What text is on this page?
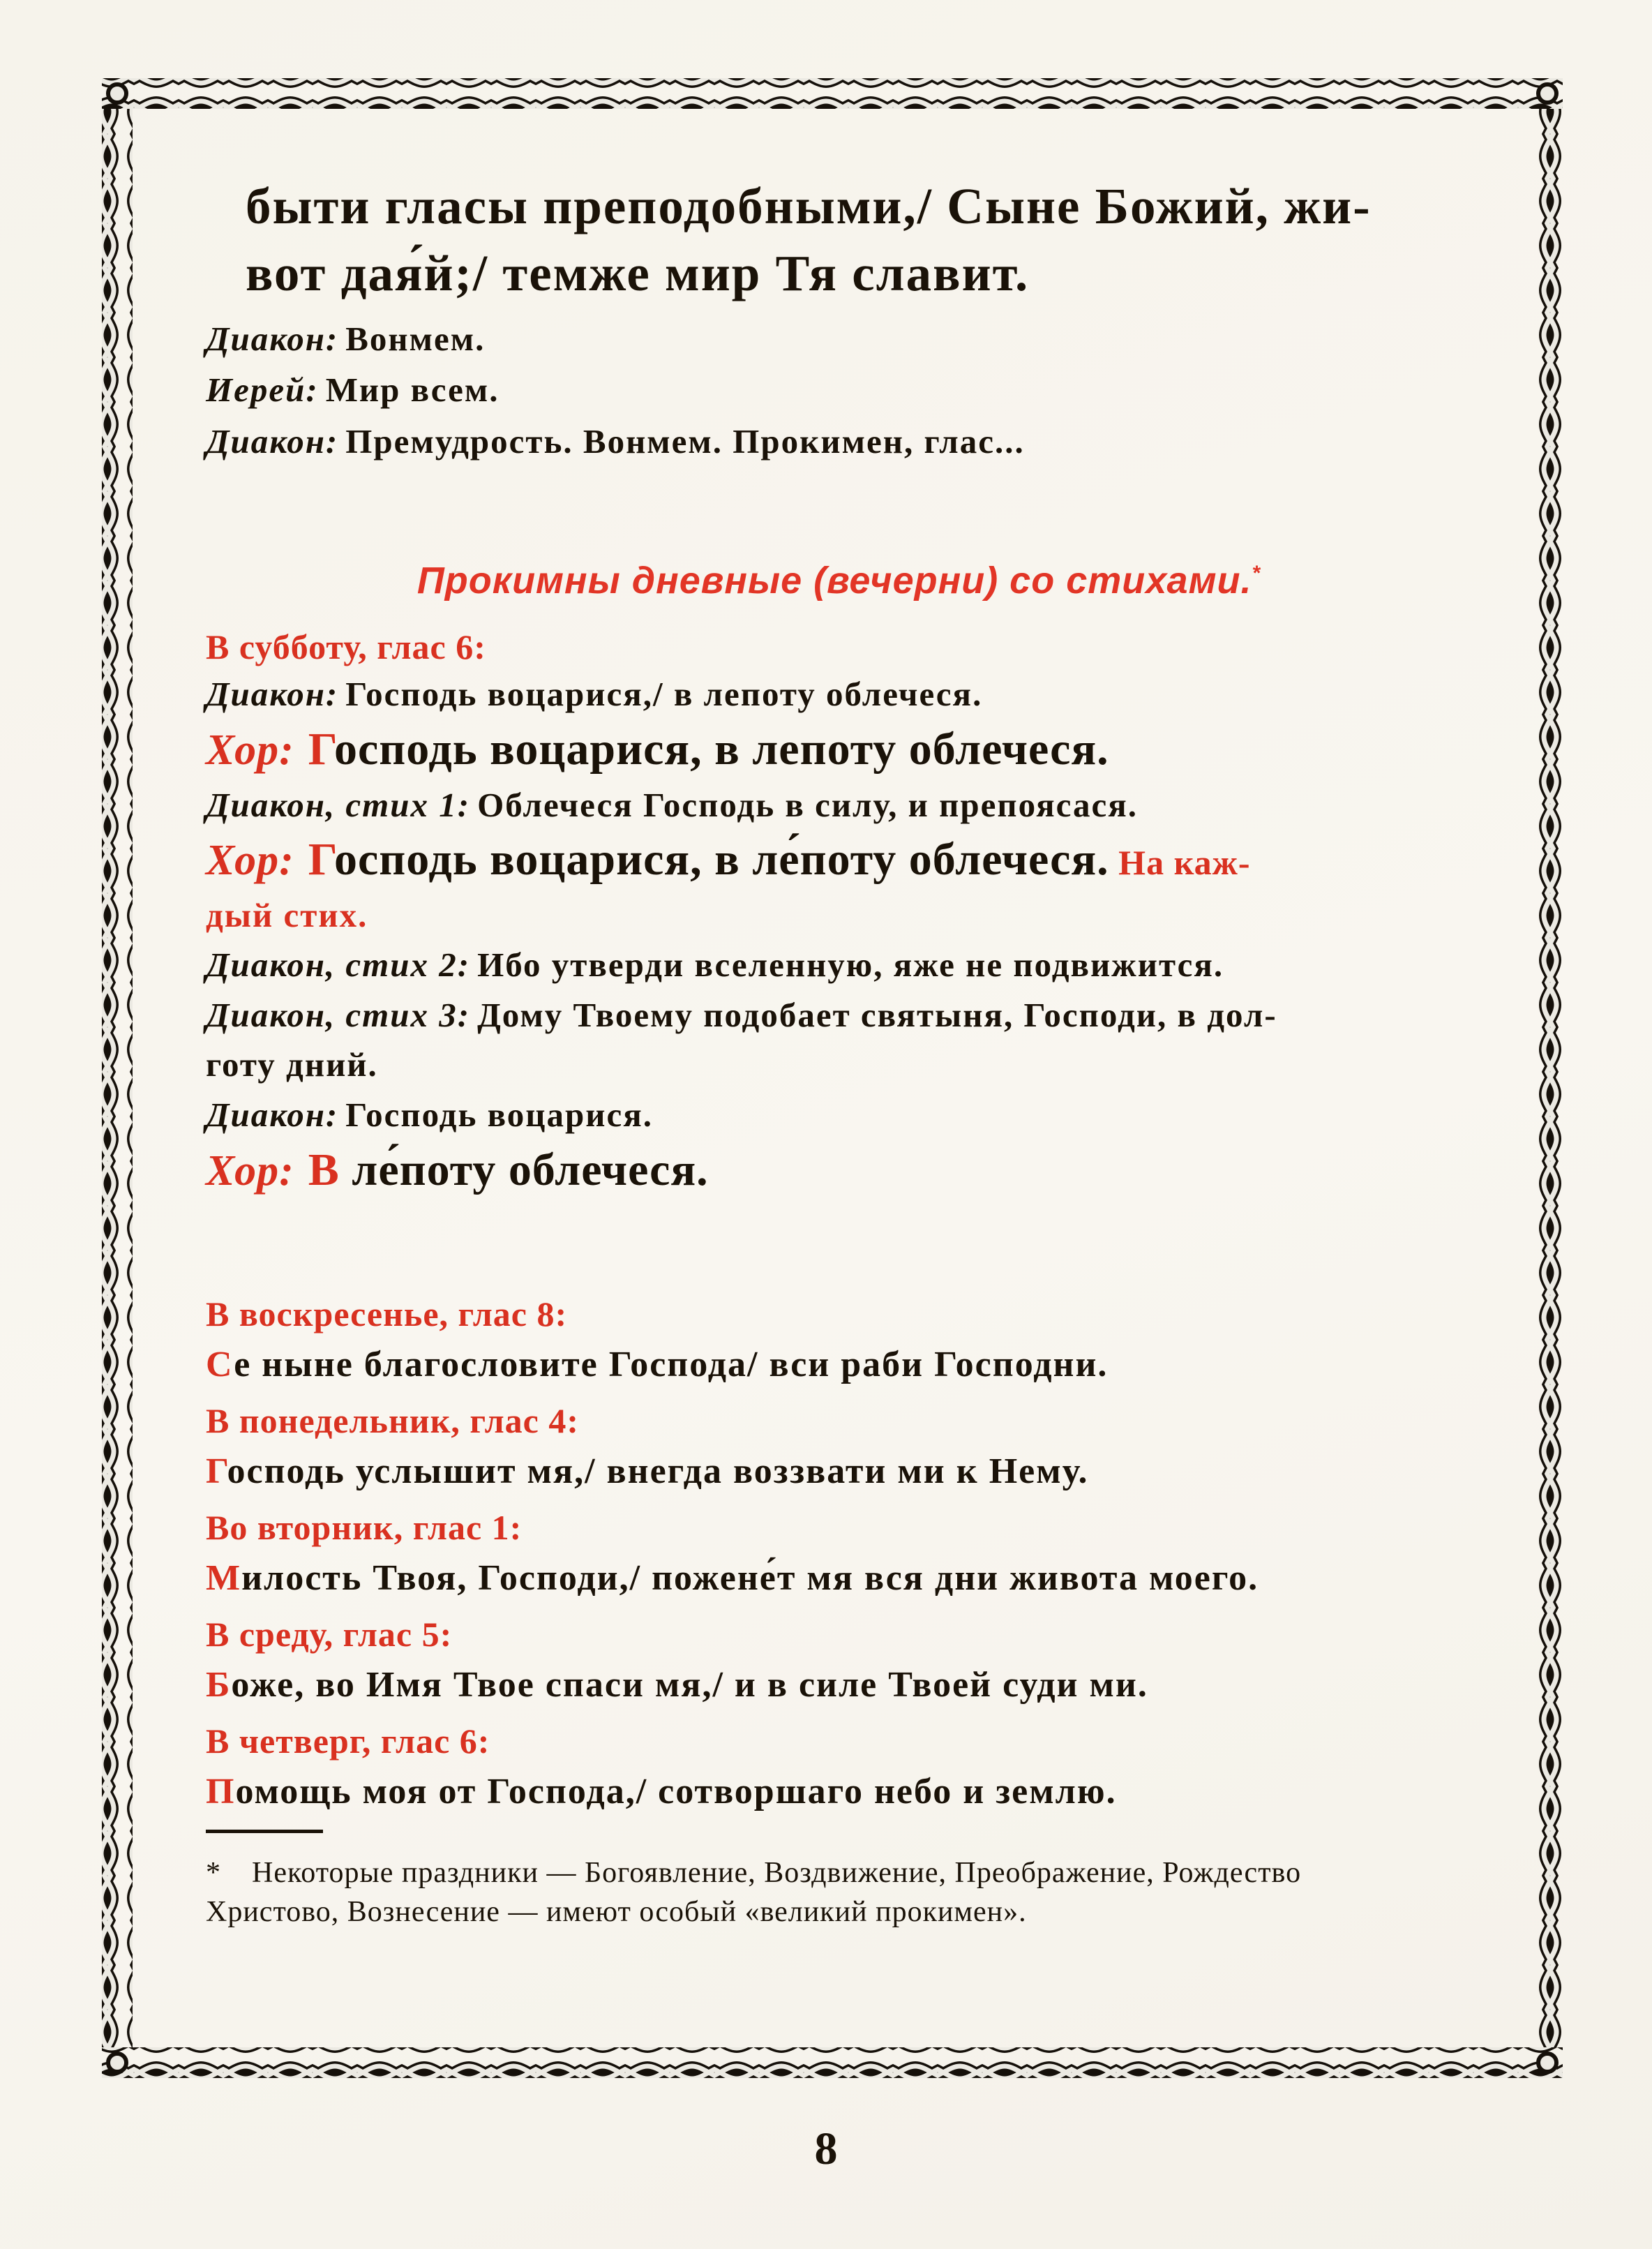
быти гласы преподобными,/ Сыне Божий, жи-

вот дая́й;/ темже мир Тя славит.

Диакон: Вонмем.

Иерей: Мир всем.

Диакон: Премудрость. Вонмем. Прокимен, глас...

Прокимны дневные (вечерни) со стихами.*

В субботу, глас 6:

Диакон: Господь воцарися,/ в лепоту облечеся.

Хор: Господь воцарися, в лепоту облечеся.

Диакон, стих 1: Облечеся Господь в силу, и препоясася.

Хор: Господь воцарися, в ле́поту облечеся. На каж-

дый стих.

Диакон, стих 2: Ибо утверди вселенную, яже не подвижится.

Диакон, стих 3: Дому Твоему подобает святыня, Господи, в дол-

готу дний.

Диакон: Господь воцарися.

Хор: В ле́поту облечеся.

В воскресенье, глас 8:

Се ныне благословите Господа/ вси раби Господни.

В понедельник, глас 4:

Господь услышит мя,/ внегда воззвати ми к Нему.

Во вторник, глас 1:

Милость Твоя, Господи,/ пожене́т мя вся дни живота моего.

В среду, глас 5:

Боже, во Имя Твое спаси мя,/ и в силе Твоей суди ми.

В четверг, глас 6:

Помощь моя от Господа,/ сотворшаго небо и землю.

* Некоторые праздники — Богоявление, Воздвижение, Преображение, Рождество

Христово, Вознесение — имеют особый «великий прокимен».

8
